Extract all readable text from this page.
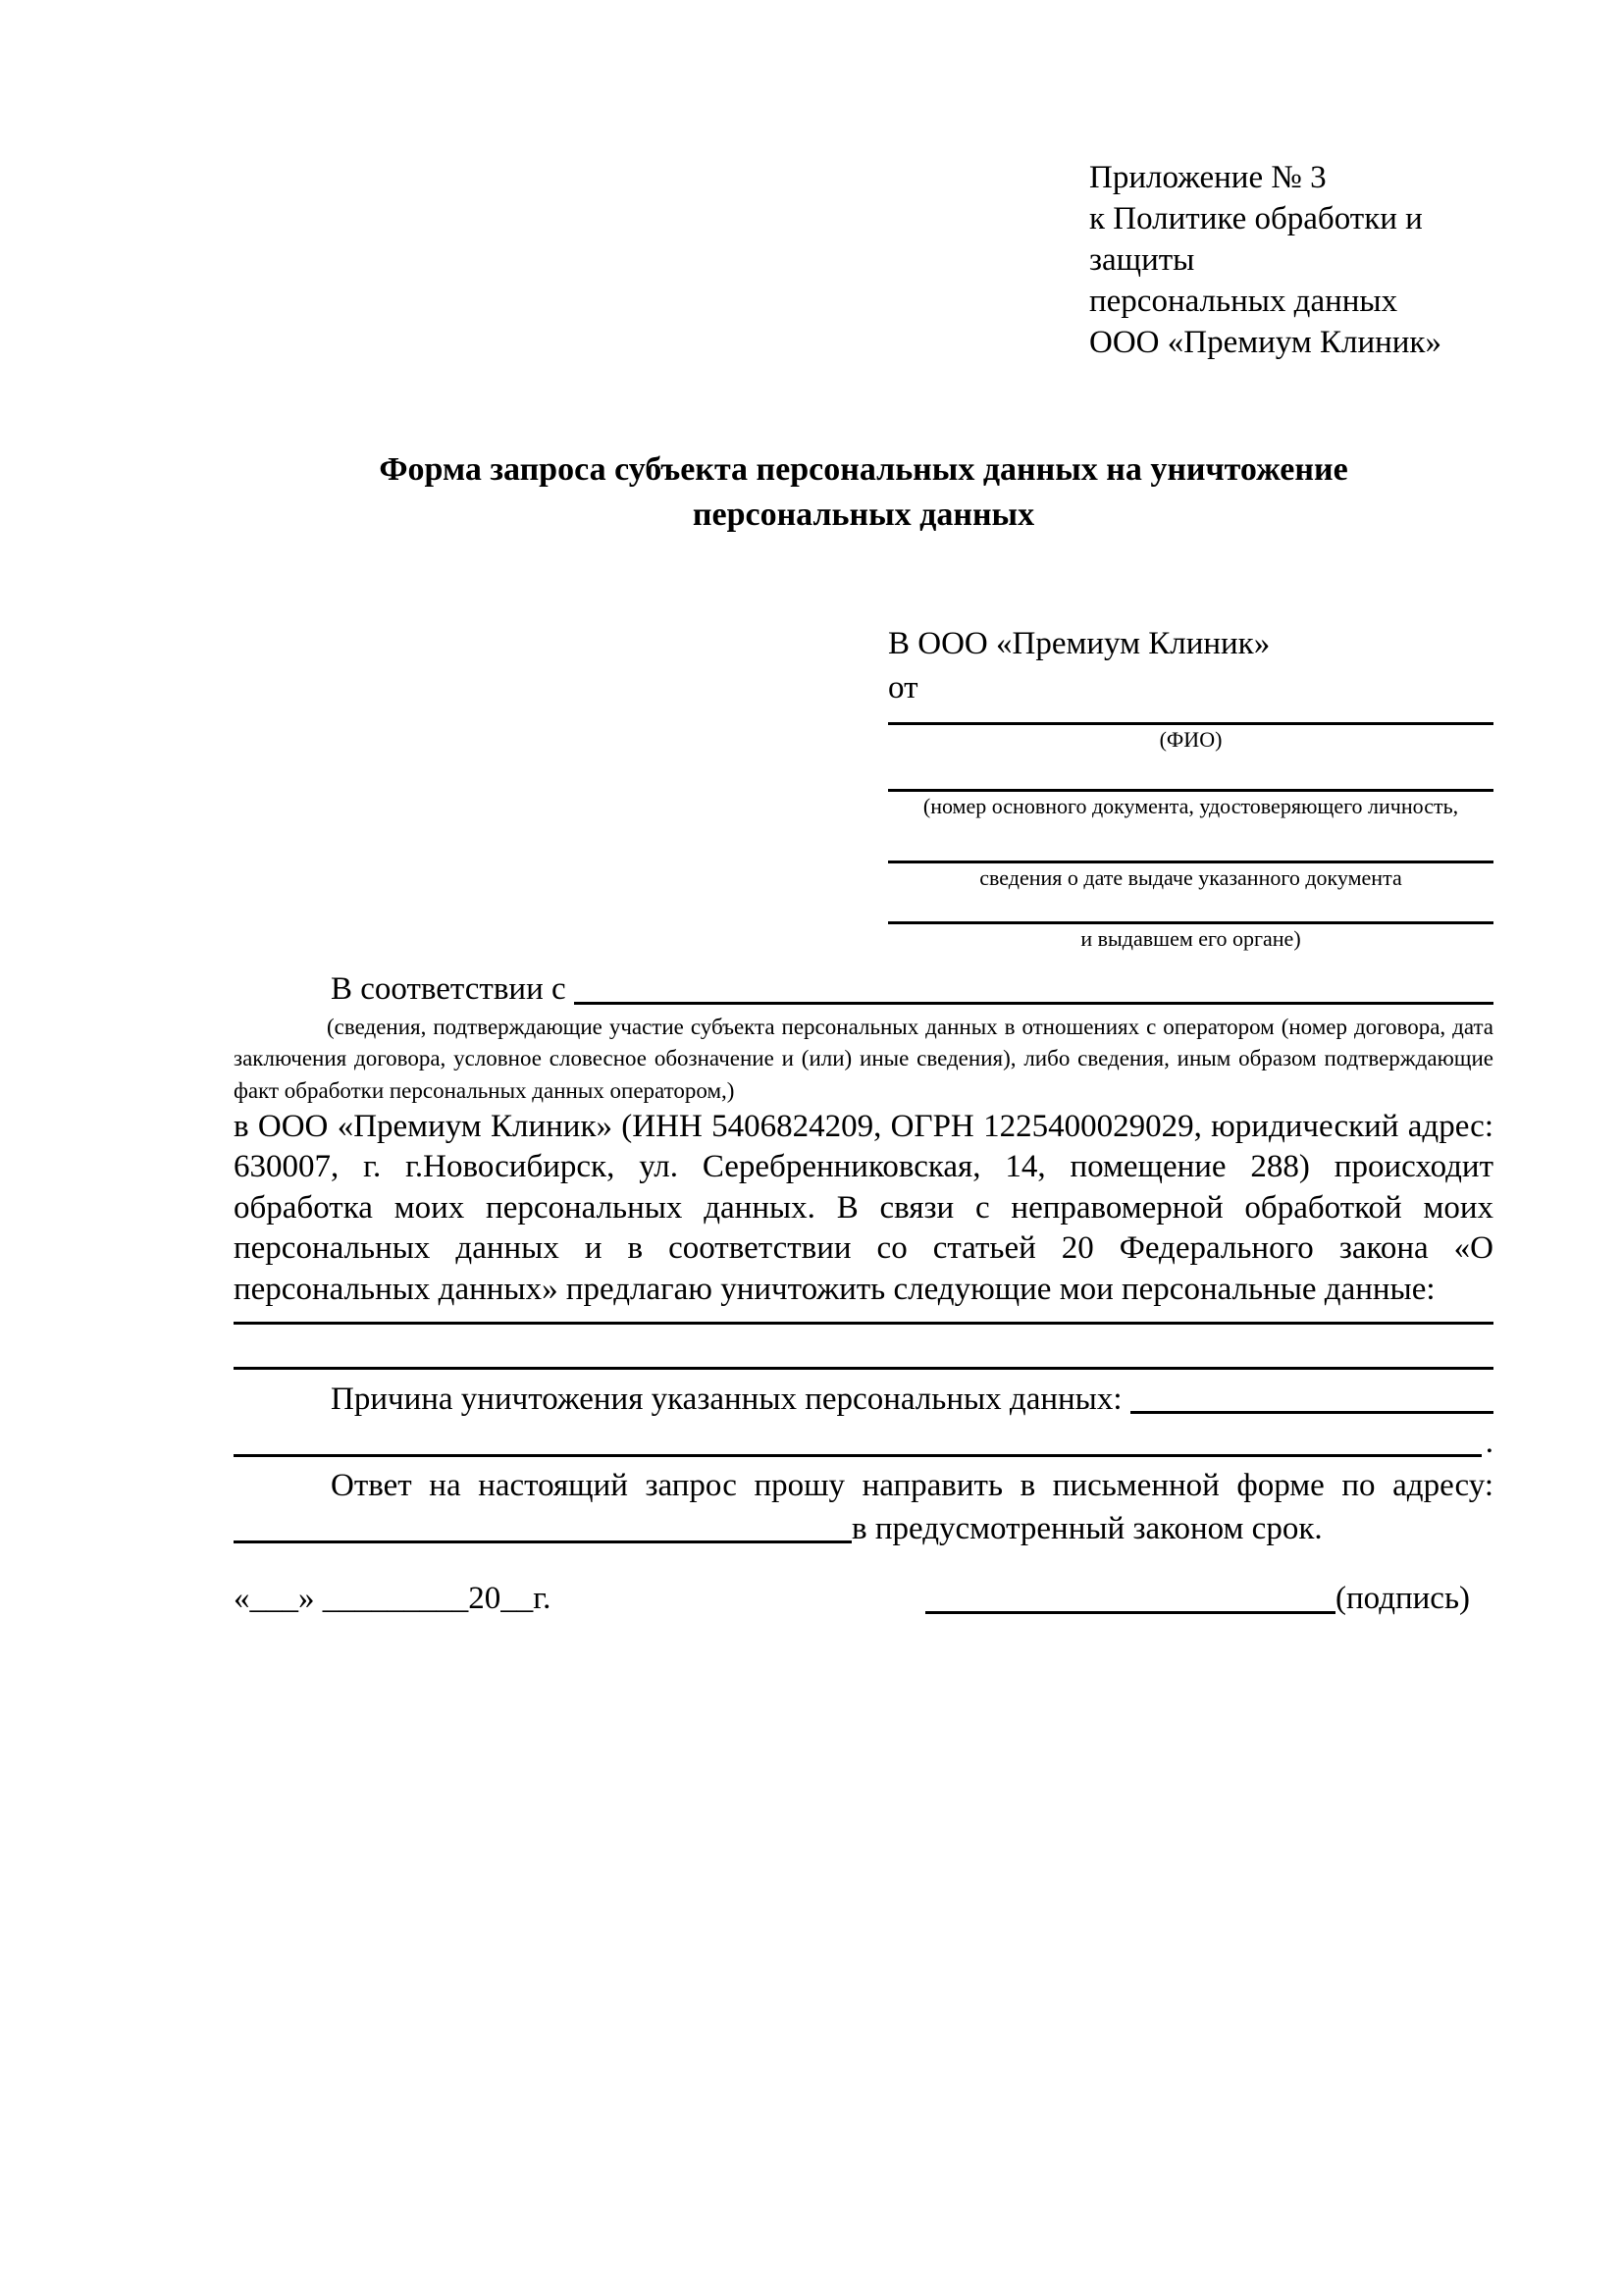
Приложение № 3
к Политике обработки и защиты
персональных данных
ООО «Премиум Клиник»
Форма запроса субъекта персональных данных на уничтожение
персональных данных
В ООО «Премиум Клиник»
от
(ФИО)
(номер основного документа, удостоверяющего личность,
сведения о дате выдаче указанного документа
и выдавшем его органе)
В соответствии с
(сведения, подтверждающие участие субъекта персональных данных в отношениях с оператором (номер договора, дата заключения договора, условное словесное обозначение и (или) иные сведения), либо сведения, иным образом подтверждающие факт обработки персональных данных оператором,)
в ООО «Премиум Клиник» (ИНН 5406824209, ОГРН 1225400029029, юридический адрес: 630007, г. г.Новосибирск, ул. Серебренниковская, 14, помещение 288) происходит обработка моих персональных данных. В связи с неправомерной обработкой моих персональных данных и в соответствии со статьей 20 Федерального закона «О персональных данных» предлагаю уничтожить следующие мои персональные данные:
Причина уничтожения указанных персональных данных:
.
Ответ на настоящий запрос прошу направить в письменной форме по адресу:
в предусмотренный законом срок.
«___» _________20__г.	(подпись)
